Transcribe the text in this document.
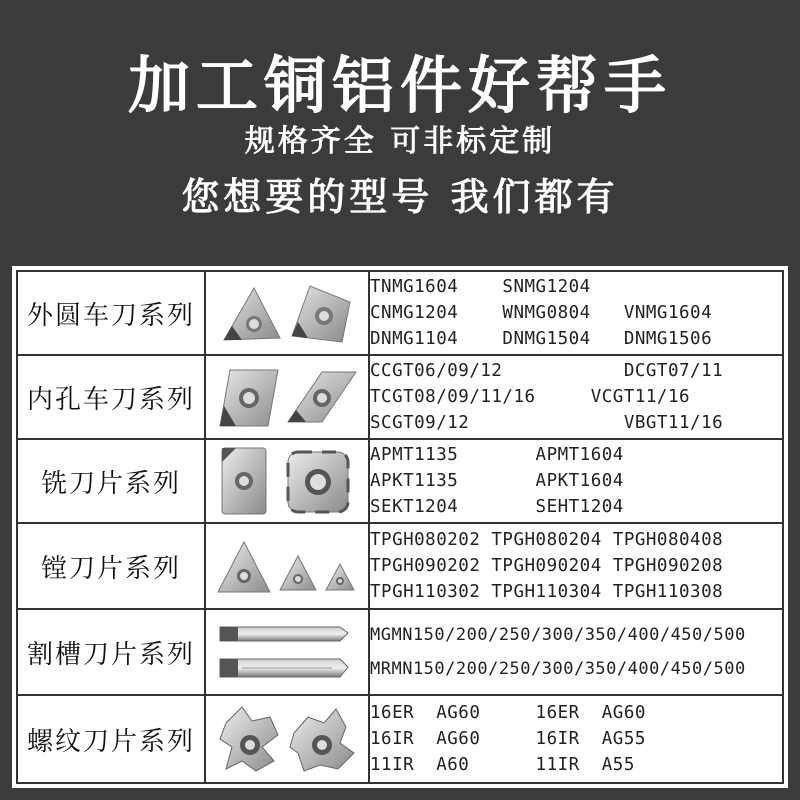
加工铜铝件好帮手
规格齐全 可非标定制
您想要的型号 我们都有
外圆车刀系列		TNMG1604    SNMG1204
CNMG1204    WNMG0804   VNMG1604
DNMG1104    DNMG1504   DNMG1506

内孔车刀系列		CCGT06/09/12           DCGT07/11
TCGT08/09/11/16     VCGT11/16
SCGT09/12              VBGT11/16

铣刀片系列		APMT1135       APMT1604
APKT1135       APKT1604
SEKT1204       SEHT1204

镗刀片系列		TPGH080202 TPGH080204 TPGH080408
TPGH090202 TPGH090204 TPGH090208
TPGH110302 TPGH110304 TPGH110308

割槽刀片系列		MGMN150/200/250/300/350/400/450/500
MRMN150/200/250/300/350/400/450/500

螺纹刀片系列		16ER  AG60     16ER  AG60
16IR  AG60     16IR  AG55
11IR  A60      11IR  A55
